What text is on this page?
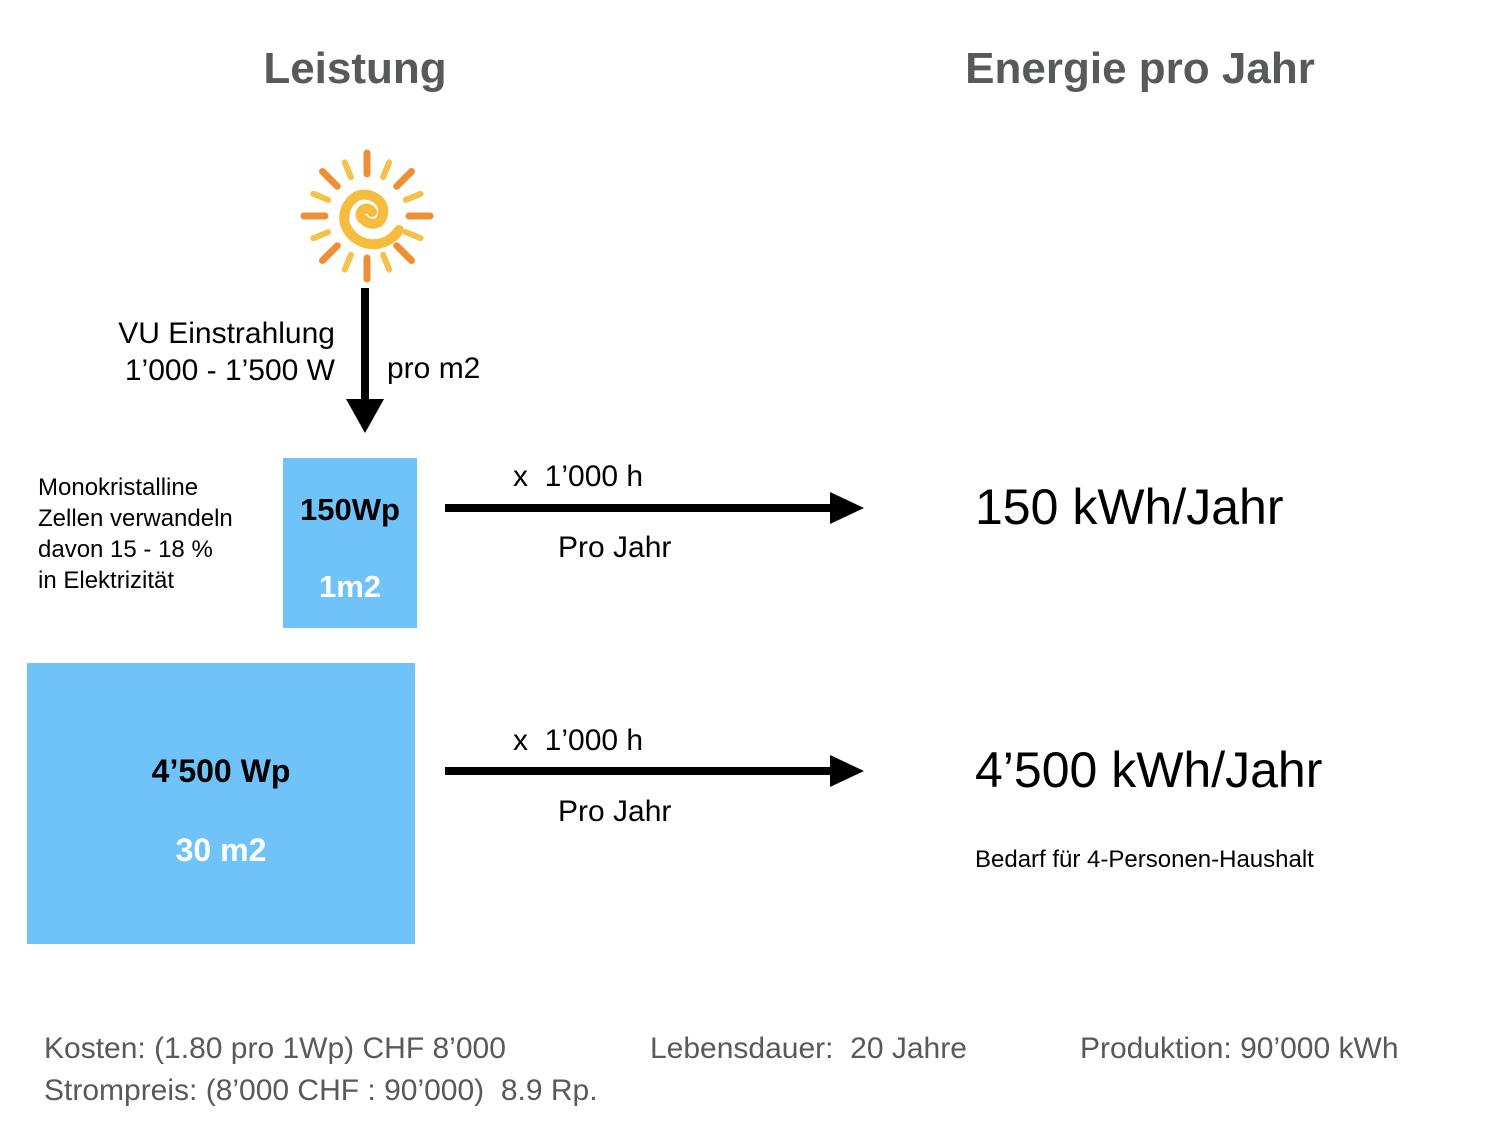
Leistung	Energie pro Jahr
VU Einstrahlung
1’000 - 1’500 W pro m2
Monokristalline
Zellen verwandeln
davon 15 - 18 %
in Elektrizität
150Wp
1m2
x  1’000 h
Pro Jahr
150 kWh/Jahr
4’500 Wp
30 m2
x  1’000 h
Pro Jahr
4’500 kWh/Jahr
Bedarf für 4-Personen-Haushalt
Kosten: (1.80 pro 1Wp) CHF 8’000	Lebensdauer:  20 Jahre	Produktion: 90’000 kWh
Strompreis: (8’000 CHF : 90’000)  8.9 Rp.
